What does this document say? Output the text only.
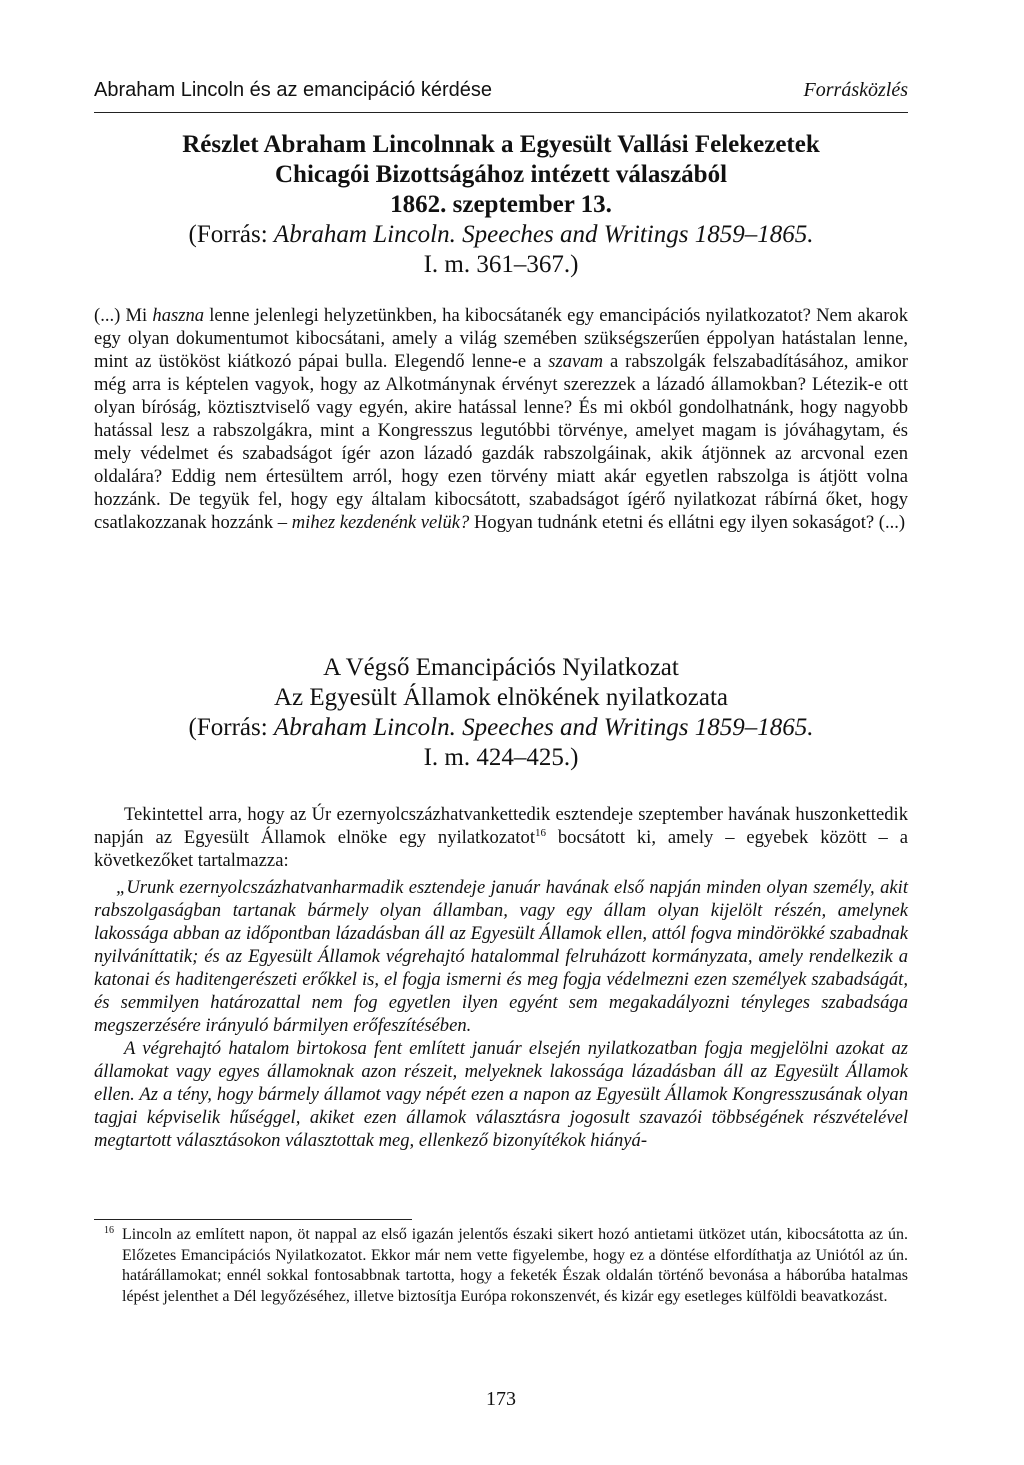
Abraham Lincoln és az emancipáció kérdése	Forrásközlés
Részlet Abraham Lincolnnak a Egyesült Vallási Felekezetek
Chicagói Bizottságához intézett válaszából
1862. szeptember 13.
(Forrás: Abraham Lincoln. Speeches and Writings 1859–1865.
I. m. 361–367.)

(...) Mi haszna lenne jelenlegi helyzetünkben, ha kibocsátanék egy emancipációs nyilatkozatot? Nem akarok egy olyan dokumentumot kibocsátani, amely a világ szemében szükségszerűen éppolyan hatástalan lenne, mint az üstököst kiátkozó pápai bulla. Elegendő lenne-e a szavam a rabszolgák felszabadításához, amikor még arra is képtelen vagyok, hogy az Alkotmánynak érvényt szerezzek a lázadó államokban? Létezik-e ott olyan bíróság, köztisztviselő vagy egyén, akire hatással lenne? És mi okból gondolhatnánk, hogy nagyobb hatással lesz a rabszolgákra, mint a Kongresszus legutóbbi törvénye, amelyet magam is jóváhagytam, és mely védelmet és szabadságot ígér azon lázadó gazdák rabszolgáinak, akik átjönnek az arcvonal ezen oldalára? Eddig nem értesültem arról, hogy ezen törvény miatt akár egyetlen rabszolga is átjött volna hozzánk. De tegyük fel, hogy egy általam kibocsátott, szabadságot ígérő nyilatkozat rábírná őket, hogy csatlakozzanak hozzánk – mihez kezdenénk velük? Hogyan tudnánk etetni és ellátni egy ilyen sokaságot? (...)

A Végső Emancipációs Nyilatkozat
Az Egyesült Államok elnökének nyilatkozata
(Forrás: Abraham Lincoln. Speeches and Writings 1859–1865.
I. m. 424–425.)

Tekintettel arra, hogy az Úr ezernyolcszázhatvankettedik esztendeje szeptember havának huszonkettedik napján az Egyesült Államok elnöke egy nyilatkozatot$^{16}$ bocsátott ki, amely – egyebek között – a következőket tartalmazza:

„Urunk ezernyolcszázhatvanharmadik esztendeje január havának első napján minden olyan személy, akit rabszolgaságban tartanak bármely olyan államban, vagy egy állam olyan kijelölt részén, amelynek lakossága abban az időpontban lázadásban áll az Egyesült Államok ellen, attól fogva mindörökké szabadnak nyilváníttatik; és az Egyesült Államok végrehajtó hatalommal felruházott kormányzata, amely rendelkezik a katonai és haditengerészeti erőkkel is, el fogja ismerni és meg fogja védelmezni ezen személyek szabadságát, és semmilyen határozattal nem fog egyetlen ilyen egyént sem megakadályozni tényleges szabadsága megszerzésére irányuló bármilyen erőfeszítésében.

A végrehajtó hatalom birtokosa fent említett január elsején nyilatkozatban fogja megjelölni azokat az államokat vagy egyes államoknak azon részeit, melyeknek lakossága lázadásban áll az Egyesült Államok ellen. Az a tény, hogy bármely államot vagy népét ezen a napon az Egyesült Államok Kongresszusának olyan tagjai képviselik hűséggel, akiket ezen államok választásra jogosult szavazói többségének részvételével megtartott választásokon választottak meg, ellenkező bizonyítékok hiányá-

$^{16}$ Lincoln az említett napon, öt nappal az első igazán jelentős északi sikert hozó antietami ütközet után, kibocsátotta az ún. Előzetes Emancipációs Nyilatkozatot. Ekkor már nem vette figyelembe, hogy ez a döntése elfordíthatja az Uniótól az ún. határállamokat; ennél sokkal fontosabbnak tartotta, hogy a feketék Észak oldalán történő bevonása a háborúba hatalmas lépést jelenthet a Dél legyőzéséhez, illetve biztosítja Európa rokonszenvét, és kizár egy esetleges külföldi beavatkozást.

173
